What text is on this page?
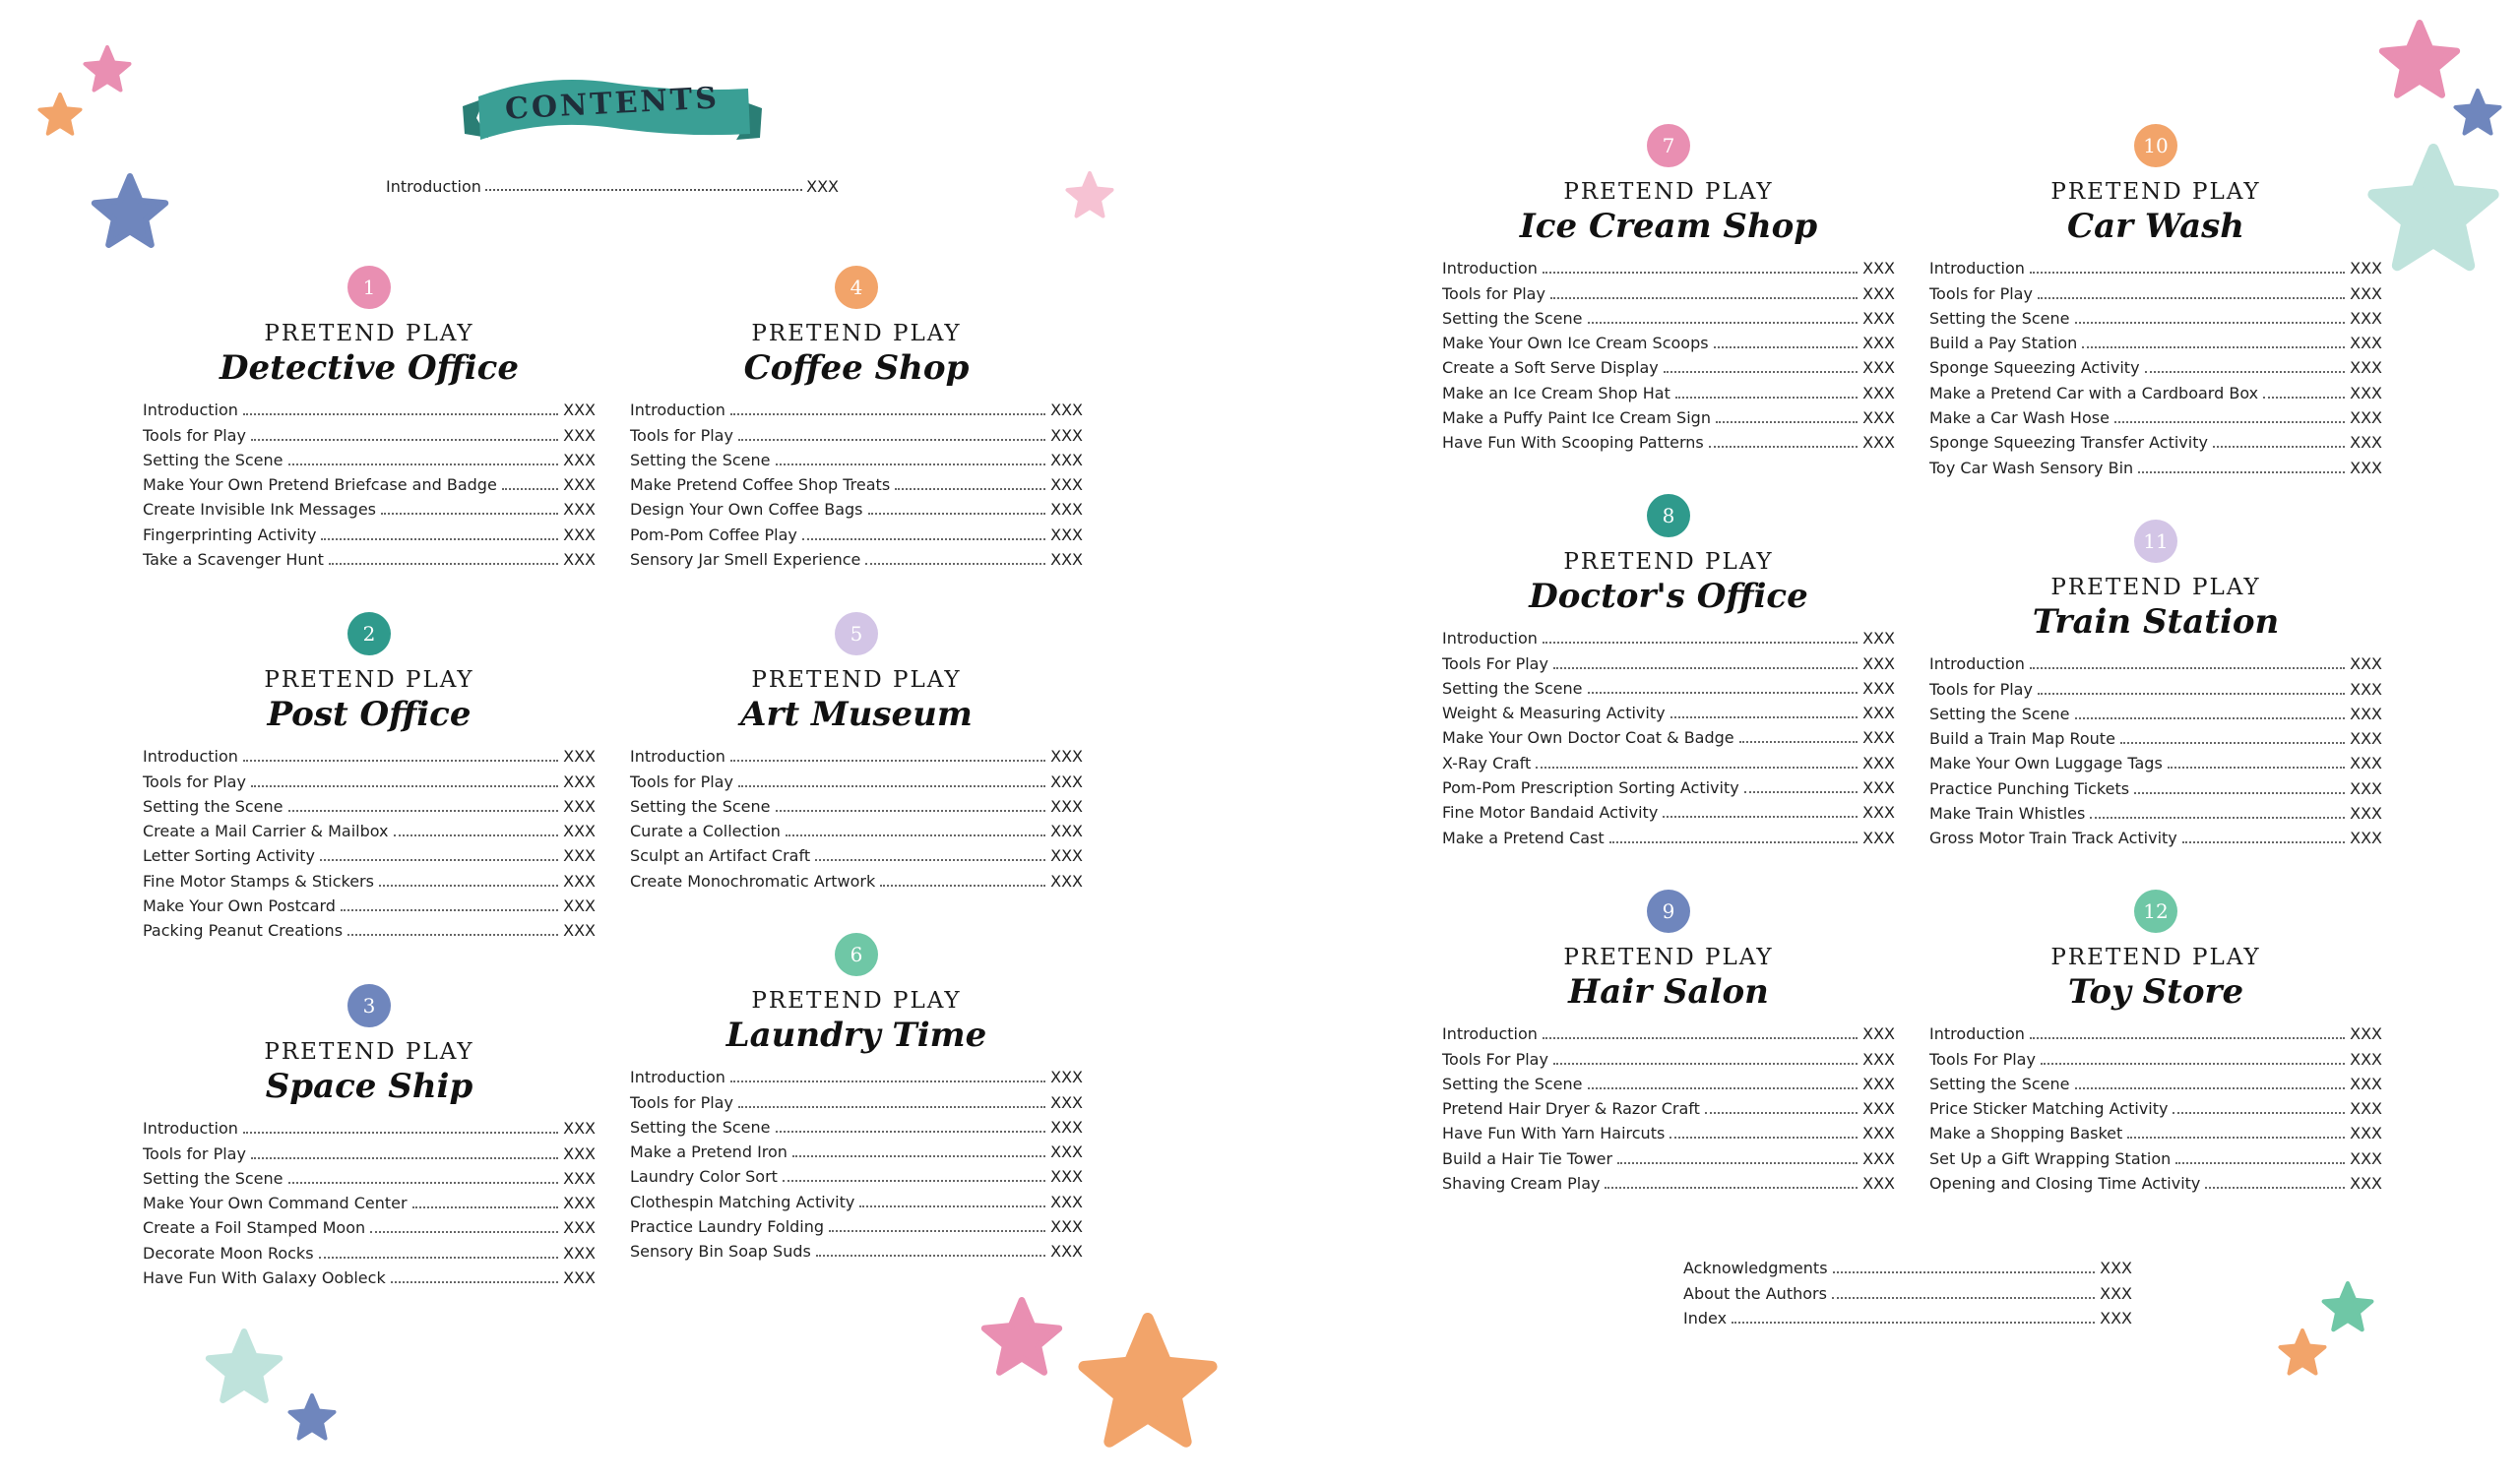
CONTENTS
Introduction	XXX
1
PRETEND PLAY
Detective Office
Introduction	XXX
Tools for Play	XXX
Setting the Scene	XXX
Make Your Own Pretend Briefcase and Badge	XXX
Create Invisible Ink Messages	XXX
Fingerprinting Activity	XXX
Take a Scavenger Hunt	XXX
2
PRETEND PLAY
Post Office
Introduction	XXX
Tools for Play	XXX
Setting the Scene	XXX
Create a Mail Carrier & Mailbox	XXX
Letter Sorting Activity	XXX
Fine Motor Stamps & Stickers	XXX
Make Your Own Postcard	XXX
Packing Peanut Creations	XXX
3
PRETEND PLAY
Space Ship
Introduction	XXX
Tools for Play	XXX
Setting the Scene	XXX
Make Your Own Command Center	XXX
Create a Foil Stamped Moon	XXX
Decorate Moon Rocks	XXX
Have Fun With Galaxy Oobleck	XXX
4
PRETEND PLAY
Coffee Shop
Introduction	XXX
Tools for Play	XXX
Setting the Scene	XXX
Make Pretend Coffee Shop Treats	XXX
Design Your Own Coffee Bags	XXX
Pom-Pom Coffee Play	XXX
Sensory Jar Smell Experience	XXX
5
PRETEND PLAY
Art Museum
Introduction	XXX
Tools for Play	XXX
Setting the Scene	XXX
Curate a Collection	XXX
Sculpt an Artifact Craft	XXX
Create Monochromatic Artwork	XXX
6
PRETEND PLAY
Laundry Time
Introduction	XXX
Tools for Play	XXX
Setting the Scene	XXX
Make a Pretend Iron	XXX
Laundry Color Sort	XXX
Clothespin Matching Activity	XXX
Practice Laundry Folding	XXX
Sensory Bin Soap Suds	XXX
7
PRETEND PLAY
Ice Cream Shop
Introduction	XXX
Tools for Play	XXX
Setting the Scene	XXX
Make Your Own Ice Cream Scoops	XXX
Create a Soft Serve Display	XXX
Make an Ice Cream Shop Hat	XXX
Make a Puffy Paint Ice Cream Sign	XXX
Have Fun With Scooping Patterns	XXX
8
PRETEND PLAY
Doctor's Office
Introduction	XXX
Tools For Play	XXX
Setting the Scene	XXX
Weight & Measuring Activity	XXX
Make Your Own Doctor Coat & Badge	XXX
X-Ray Craft	XXX
Pom-Pom Prescription Sorting Activity	XXX
Fine Motor Bandaid Activity	XXX
Make a Pretend Cast	XXX
9
PRETEND PLAY
Hair Salon
Introduction	XXX
Tools For Play	XXX
Setting the Scene	XXX
Pretend Hair Dryer & Razor Craft	XXX
Have Fun With Yarn Haircuts	XXX
Build a Hair Tie Tower	XXX
Shaving Cream Play	XXX
10
PRETEND PLAY
Car Wash
Introduction	XXX
Tools for Play	XXX
Setting the Scene	XXX
Build a Pay Station	XXX
Sponge Squeezing Activity	XXX
Make a Pretend Car with a Cardboard Box	XXX
Make a Car Wash Hose	XXX
Sponge Squeezing Transfer Activity	XXX
Toy Car Wash Sensory Bin	XXX
11
PRETEND PLAY
Train Station
Introduction	XXX
Tools for Play	XXX
Setting the Scene	XXX
Build a Train Map Route	XXX
Make Your Own Luggage Tags	XXX
Practice Punching Tickets	XXX
Make Train Whistles	XXX
Gross Motor Train Track Activity	XXX
12
PRETEND PLAY
Toy Store
Introduction	XXX
Tools For Play	XXX
Setting the Scene	XXX
Price Sticker Matching Activity	XXX
Make a Shopping Basket	XXX
Set Up a Gift Wrapping Station	XXX
Opening and Closing Time Activity	XXX
Acknowledgments	XXX
About the Authors	XXX
Index	XXX
